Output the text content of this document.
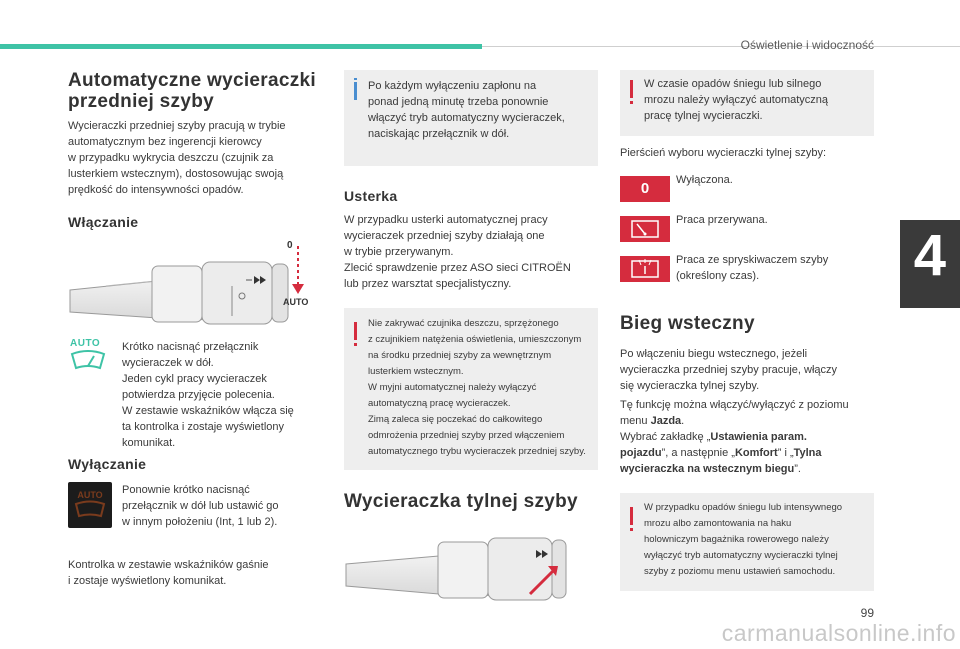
Oświetlenie i widoczność
4
Automatyczne wycieraczki
przedniej szyby
Wycieraczki przedniej szyby pracują w trybie
automatycznym bez ingerencji kierowcy
w przypadku wykrycia deszczu (czujnik za
lusterkiem wstecznym), dostosowując swoją
prędkość do intensywności opadów.
Włączanie
0
AUTO
AUTO Krótko nacisnąć przełącznik
wycieraczek w dół.
Jeden cykl pracy wycieraczek
potwierdza przyjęcie polecenia.
W zestawie wskaźników włącza się
ta kontrolka i zostaje wyświetlony
komunikat.
Wyłączanie
AUTO Ponownie krótko nacisnąć
przełącznik w dół lub ustawić go
w innym położeniu (Int, 1 lub 2).
Kontrolka w zestawie wskaźników gaśnie
i zostaje wyświetlony komunikat.
Po każdym wyłączeniu zapłonu na
ponad jedną minutę trzeba ponownie
włączyć tryb automatyczny wycieraczek,
naciskając przełącznik w dół.
Usterka
W przypadku usterki automatycznej pracy
wycieraczek przedniej szyby działają one
w trybie przerywanym.
Zlecić sprawdzenie przez ASO sieci CITROËN
lub przez warsztat specjalistyczny.
Nie zakrywać czujnika deszczu, sprzężonego
z czujnikiem natężenia oświetlenia, umieszczonym
na środku przedniej szyby za wewnętrznym
lusterkiem wstecznym.
W myjni automatycznej należy wyłączyć
automatyczną pracę wycieraczek.
Zimą zaleca się poczekać do całkowitego
odmrożenia przedniej szyby przed włączeniem
automatycznego trybu wycieraczek przedniej szyby.
Wycieraczka tylnej szyby
W czasie opadów śniegu lub silnego
mrozu należy wyłączyć automatyczną
pracę tylnej wycieraczki.
Pierścień wyboru wycieraczki tylnej szyby:
0	Wyłączona.
Praca przerywana.
Praca ze spryskiwaczem szyby
(określony czas).
Bieg wsteczny
Po włączeniu biegu wstecznego, jeżeli
wycieraczka przedniej szyby pracuje, włączy
się wycieraczka tylnej szyby.
Tę funkcję można włączyć/wyłączyć z poziomu
menu Jazda.
Wybrać zakładkę „Ustawienia param.
pojazdu”, a następnie „Komfort” i „Tylna
wycieraczka na wstecznym biegu”.
W przypadku opadów śniegu lub intensywnego
mrozu albo zamontowania na haku
holowniczym bagażnika rowerowego należy
wyłączyć tryb automatyczny wycieraczki tylnej
szyby z poziomu menu ustawień samochodu.
99
carmanualsonline.info
